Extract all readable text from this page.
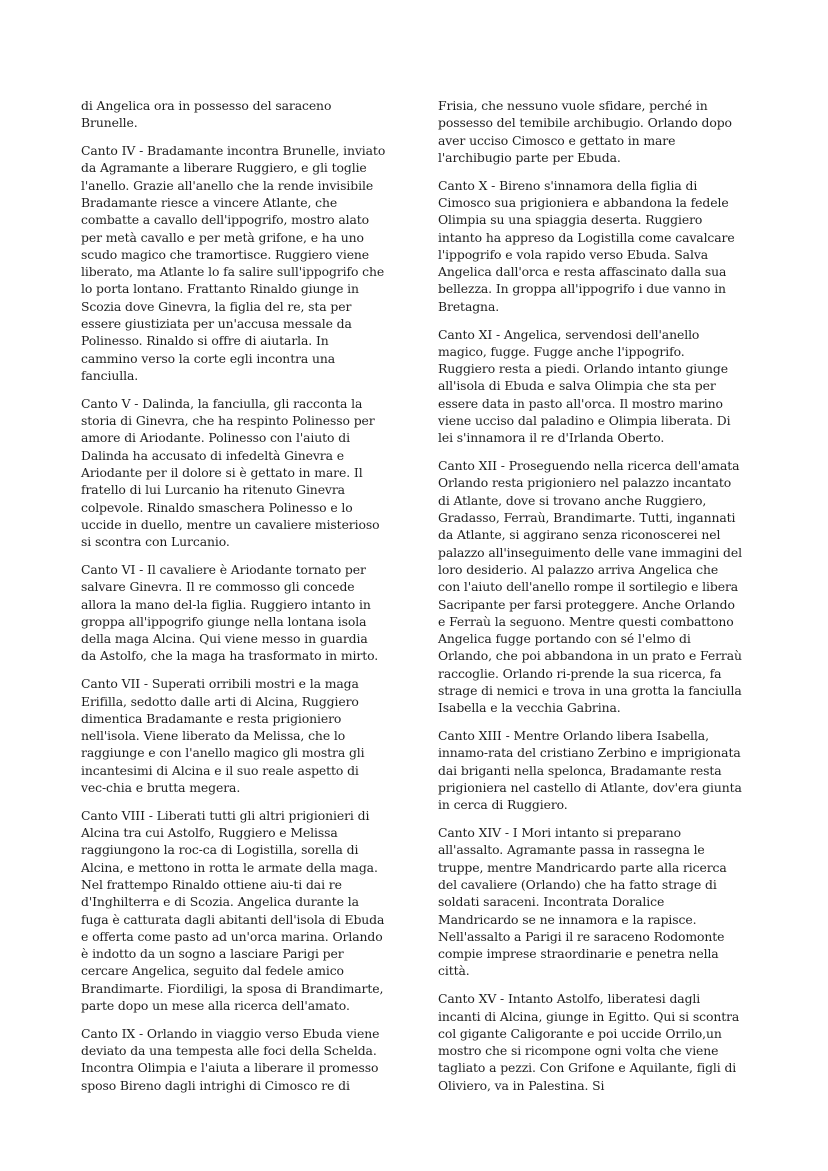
di Angelica ora in possesso del saraceno Brunelle.

Canto IV - Bradamante incontra Brunelle, inviato da Agramante a liberare Ruggiero, e gli toglie l'anello. Grazie all'anello che la rende invisibile Bradamante riesce a vincere Atlante, che combatte a cavallo dell'ippogrifo, mostro alato per metà cavallo e per metà grifone, e ha uno scudo magico che tramortisce. Ruggiero viene liberato, ma Atlante lo fa salire sull'ippogrifo che lo porta lontano. Frattanto Rinaldo giunge in Scozia dove Ginevra, la figlia del re, sta per essere giustiziata per un'accusa messale da Polinesso. Rinaldo si offre di aiutarla. In cammino verso la corte egli incontra una fanciulla.

Canto V - Dalinda, la fanciulla, gli racconta la storia di Ginevra, che ha respinto Polinesso per amore di Ariodante. Polinesso con l'aiuto di Dalinda ha accusato di infedeltà Ginevra e Ariodante per il dolore si è gettato in mare. Il fratello di lui Lurcanio ha ritenuto Ginevra colpevole. Rinaldo smaschera Polinesso e lo uccide in duello, mentre un cavaliere misterioso si scontra con Lurcanio.

Canto VI - Il cavaliere è Ariodante tornato per salvare Ginevra. Il re commosso gli concede allora la mano del-la figlia. Ruggiero intanto in groppa all'ippogrifo giunge nella lontana isola della maga Alcina. Qui viene messo in guardia da Astolfo, che la maga ha trasformato in mirto.

Canto VII - Superati orribili mostri e la maga Erifilla, sedotto dalle arti di Alcina, Ruggiero dimentica Bradamante e resta prigioniero nell'isola. Viene liberato da Melissa, che lo raggiunge e con l'anello magico gli mostra gli incantesimi di Alcina e il suo reale aspetto di vec-chia e brutta megera.

Canto VIII - Liberati tutti gli altri prigionieri di Alcina tra cui Astolfo, Ruggiero e Melissa raggiungono la roc-ca di Logistilla, sorella di Alcina, e mettono in rotta le armate della maga. Nel frattempo Rinaldo ottiene aiu-ti dai re d'Inghilterra e di Scozia. Angelica durante la fuga è catturata dagli abitanti dell'isola di Ebuda e offerta come pasto ad un'orca marina. Orlando è indotto da un sogno a lasciare Parigi per cercare Angelica, seguito dal fedele amico Brandimarte. Fiordiligi, la sposa di Brandimarte, parte dopo un mese alla ricerca dell'amato.

Canto IX - Orlando in viaggio verso Ebuda viene deviato da una tempesta alle foci della Schelda. Incontra Olimpia e l'aiuta a liberare il promesso sposo Bireno dagli intrighi di Cimosco re di

Frisia, che nessuno vuole sfidare, perché in possesso del temibile archibugio. Orlando dopo aver ucciso Cimosco e gettato in mare l'archibugio parte per Ebuda.

Canto X - Bireno s'innamora della figlia di Cimosco sua prigioniera e abbandona la fedele Olimpia su una spiaggia deserta. Ruggiero intanto ha appreso da Logistilla come cavalcare l'ippogrifo e vola rapido verso Ebuda. Salva Angelica dall'orca e resta affascinato dalla sua bellezza. In groppa all'ippogrifo i due vanno in Bretagna.

Canto XI - Angelica, servendosi dell'anello magico, fugge. Fugge anche l'ippogrifo. Ruggiero resta a piedi. Orlando intanto giunge all'isola di Ebuda e salva Olimpia che sta per essere data in pasto all'orca. Il mostro marino viene ucciso dal paladino e Olimpia liberata. Di lei s'innamora il re d'Irlanda Oberto.

Canto XII - Proseguendo nella ricerca dell'amata Orlando resta prigioniero nel palazzo incantato di Atlante, dove si trovano anche Ruggiero, Gradasso, Ferraù, Brandimarte. Tutti, ingannati da Atlante, si aggirano senza riconoscerei nel palazzo all'inseguimento delle vane immagini del loro desiderio. Al palazzo arriva Angelica che con l'aiuto dell'anello rompe il sortilegio e libera Sacripante per farsi proteggere. Anche Orlando e Ferraù la seguono. Mentre questi combattono Angelica fugge portando con sé l'elmo di Orlando, che poi abbandona in un prato e Ferraù raccoglie. Orlando ri-prende la sua ricerca, fa strage di nemici e trova in una grotta la fanciulla Isabella e la vecchia Gabrina.

Canto XIII - Mentre Orlando libera Isabella, innamo-rata del cristiano Zerbino e imprigionata dai briganti nella spelonca, Bradamante resta prigioniera nel castello di Atlante, dov'era giunta in cerca di Ruggiero.

Canto XIV - I Mori intanto si preparano all'assalto. Agramante passa in rassegna le truppe, mentre Mandricardo parte alla ricerca del cavaliere (Orlando) che ha fatto strage di soldati saraceni. Incontrata Doralice Mandricardo se ne innamora e la rapisce. Nell'assalto a Parigi il re saraceno Rodomonte compie imprese straordinarie e penetra nella città.

Canto XV - Intanto Astolfo, liberatesi dagli incanti di Alcina, giunge in Egitto. Qui si scontra col gigante Caligorante e poi uccide Orrilo,un mostro che si ricompone ogni volta che viene tagliato a pezzi. Con Grifone e Aquilante, figli di Oliviero, va in Palestina. Si
